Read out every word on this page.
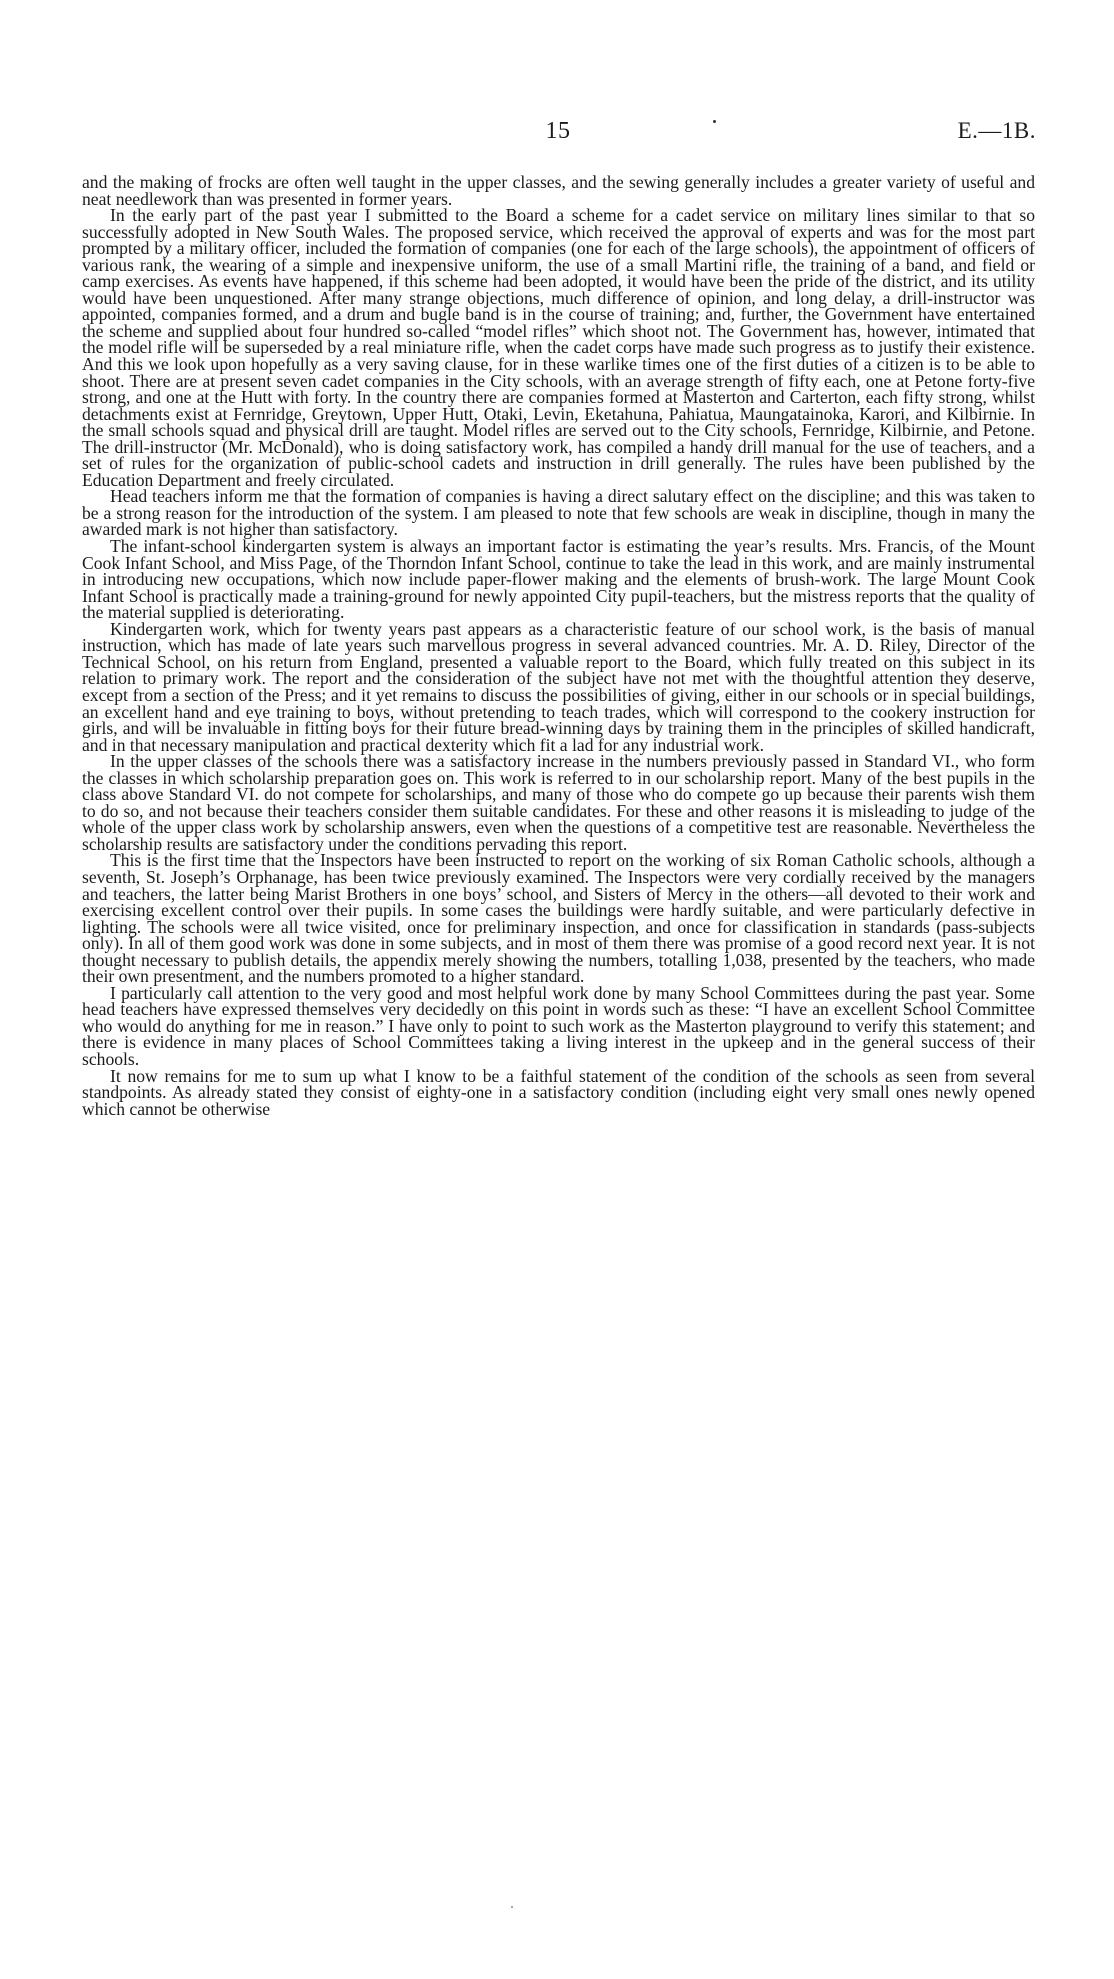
15	E.—1B.

and the making of frocks are often well taught in the upper classes, and the sewing generally includes a greater variety of useful and neat needlework than was presented in former years.

In the early part of the past year I submitted to the Board a scheme for a cadet service on military lines similar to that so successfully adopted in New South Wales. The proposed service, which received the approval of experts and was for the most part prompted by a military officer, included the formation of companies (one for each of the large schools), the appointment of officers of various rank, the wearing of a simple and inexpensive uniform, the use of a small Martini rifle, the training of a band, and field or camp exercises. As events have happened, if this scheme had been adopted, it would have been the pride of the district, and its utility would have been unquestioned. After many strange objections, much difference of opinion, and long delay, a drill-instructor was appointed, companies formed, and a drum and bugle band is in the course of training; and, further, the Government have entertained the scheme and supplied about four hundred so-called “model rifles” which shoot not. The Government has, however, intimated that the model rifle will be superseded by a real miniature rifle, when the cadet corps have made such progress as to justify their existence. And this we look upon hopefully as a very saving clause, for in these warlike times one of the first duties of a citizen is to be able to shoot. There are at present seven cadet companies in the City schools, with an average strength of fifty each, one at Petone forty-five strong, and one at the Hutt with forty. In the country there are companies formed at Masterton and Carterton, each fifty strong, whilst detachments exist at Fernridge, Greytown, Upper Hutt, Otaki, Levin, Eketahuna, Pahiatua, Maungatainoka, Karori, and Kilbirnie. In the small schools squad and physical drill are taught. Model rifles are served out to the City schools, Fernridge, Kilbirnie, and Petone. The drill-instructor (Mr. McDonald), who is doing satisfactory work, has compiled a handy drill manual for the use of teachers, and a set of rules for the organization of public-school cadets and instruction in drill generally. The rules have been published by the Education Department and freely circulated.

Head teachers inform me that the formation of companies is having a direct salutary effect on the discipline; and this was taken to be a strong reason for the introduction of the system. I am pleased to note that few schools are weak in discipline, though in many the awarded mark is not higher than satisfactory.

The infant-school kindergarten system is always an important factor is estimating the year’s results. Mrs. Francis, of the Mount Cook Infant School, and Miss Page, of the Thorndon Infant School, continue to take the lead in this work, and are mainly instrumental in introducing new occupations, which now include paper-flower making and the elements of brush-work. The large Mount Cook Infant School is practically made a training-ground for newly appointed City pupil-teachers, but the mistress reports that the quality of the material supplied is deteriorating.

Kindergarten work, which for twenty years past appears as a characteristic feature of our school work, is the basis of manual instruction, which has made of late years such marvellous progress in several advanced countries. Mr. A. D. Riley, Director of the Technical School, on his return from England, presented a valuable report to the Board, which fully treated on this subject in its relation to primary work. The report and the consideration of the subject have not met with the thoughtful attention they deserve, except from a section of the Press; and it yet remains to discuss the possibilities of giving, either in our schools or in special buildings, an excellent hand and eye training to boys, without pretending to teach trades, which will correspond to the cookery instruction for girls, and will be invaluable in fitting boys for their future bread-winning days by training them in the principles of skilled handicraft, and in that necessary manipulation and practical dexterity which fit a lad for any industrial work.

In the upper classes of the schools there was a satisfactory increase in the numbers previously passed in Standard VI., who form the classes in which scholarship preparation goes on. This work is referred to in our scholarship report. Many of the best pupils in the class above Standard VI. do not compete for scholarships, and many of those who do compete go up because their parents wish them to do so, and not because their teachers consider them suitable candidates. For these and other reasons it is misleading to judge of the whole of the upper class work by scholarship answers, even when the questions of a competitive test are reasonable. Nevertheless the scholarship results are satisfactory under the conditions pervading this report.

This is the first time that the Inspectors have been instructed to report on the working of six Roman Catholic schools, although a seventh, St. Joseph’s Orphanage, has been twice previously examined. The Inspectors were very cordially received by the managers and teachers, the latter being Marist Brothers in one boys’ school, and Sisters of Mercy in the others—all devoted to their work and exercising excellent control over their pupils. In some cases the buildings were hardly suitable, and were particularly defective in lighting. The schools were all twice visited, once for preliminary inspection, and once for classification in standards (pass-subjects only). In all of them good work was done in some subjects, and in most of them there was promise of a good record next year. It is not thought necessary to publish details, the appendix merely showing the numbers, totalling 1,038, presented by the teachers, who made their own presentment, and the numbers promoted to a higher standard.

I particularly call attention to the very good and most helpful work done by many School Committees during the past year. Some head teachers have expressed themselves very decidedly on this point in words such as these: “I have an excellent School Committee who would do anything for me in reason.” I have only to point to such work as the Masterton playground to verify this statement; and there is evidence in many places of School Committees taking a living interest in the upkeep and in the general success of their schools.

It now remains for me to sum up what I know to be a faithful statement of the condition of the schools as seen from several standpoints. As already stated they consist of eighty-one in a satisfactory condition (including eight very small ones newly opened which cannot be otherwise
